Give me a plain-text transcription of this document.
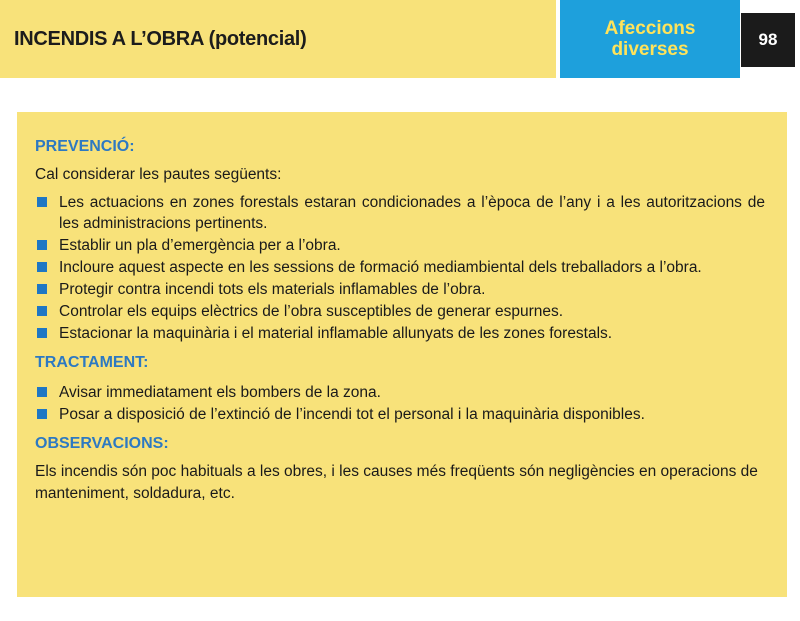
INCENDIS A L’OBRA (potencial)	Afeccions
diverses	98
PREVENCIÓ:
Cal considerar les pautes següents:
Les actuacions en zones forestals estaran condicionades a l’època de l’any i a les autoritzacions de les administracions pertinents.
Establir un pla d’emergència per a l’obra.
Incloure aquest aspecte en les sessions de formació mediambiental dels treballadors a l’obra.
Protegir contra incendi tots els materials inflamables de l’obra.
Controlar els equips elèctrics de l’obra susceptibles de generar espurnes.
Estacionar la maquinària i el material inflamable allunyats de les zones forestals.
TRACTAMENT:
Avisar immediatament els bombers de la zona.
Posar a disposició de l’extinció de l’incendi tot el personal i la maquinària disponibles.
OBSERVACIONS:
Els incendis són poc habituals a les obres, i les causes més freqüents són negligències en operacions de manteniment, soldadura, etc.
